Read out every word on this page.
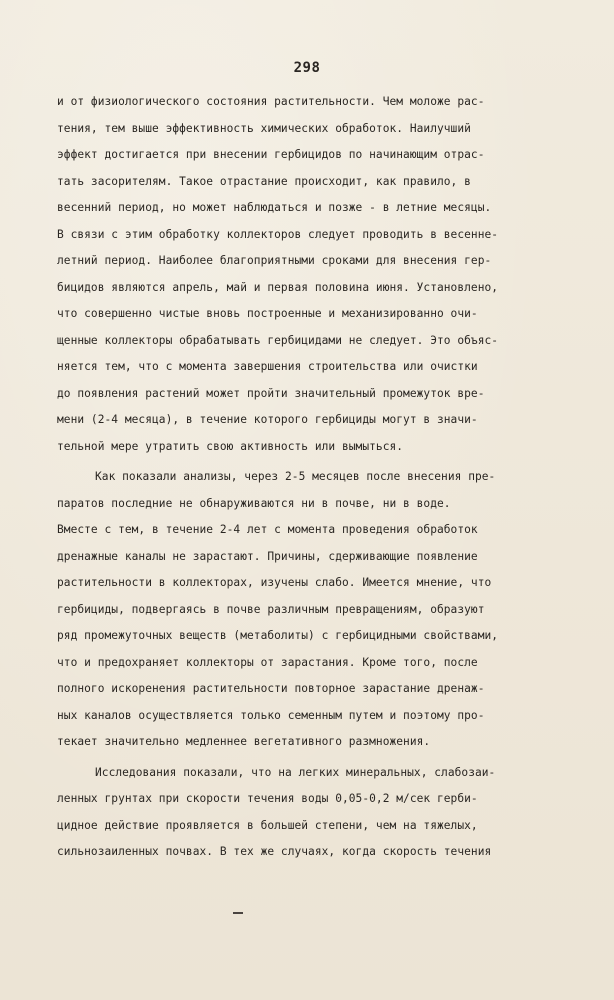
298
и от физиологического состояния растительности. Чем моложе рас-
тения, тем выше эффективность химических обработок. Наилучший
эффект достигается при внесении гербицидов по начинающим отрас-
тать засорителям. Такое отрастание происходит, как правило, в
весенний период, но может наблюдаться и позже - в летние месяцы.
В связи с этим обработку коллекторов следует проводить в весенне-
летний период. Наиболее благоприятными сроками для внесения гер-
бицидов являются апрель, май и первая половина июня. Установлено,
что совершенно чистые вновь построенные и механизированно очи-
щенные коллекторы обрабатывать гербицидами не следует. Это объяс-
няется тем, что с момента завершения строительства или очистки
до появления растений может пройти значительный промежуток вре-
мени (2-4 месяца), в течение которого гербициды могут в значи-
тельной мере утратить свою активность или вымыться.
Как показали анализы, через 2-5 месяцев после внесения пре-
паратов последние не обнаруживаются ни в почве, ни в воде.
Вместе с тем, в течение 2-4 лет с момента проведения обработок
дренажные каналы не зарастают. Причины, сдерживающие появление
растительности в коллекторах, изучены слабо. Имеется мнение, что
гербициды, подвергаясь в почве различным превращениям, образуют
ряд промежуточных веществ (метаболиты) с гербицидными свойствами,
что и предохраняет коллекторы от зарастания. Кроме того, после
полного искоренения растительности повторное зарастание дренаж-
ных каналов осуществляется только семенным путем и поэтому про-
текает значительно медленнее вегетативного размножения.
Исследования показали, что на легких минеральных, слабозаи-
ленных грунтах при скорости течения воды 0,05-0,2 м/сек герби-
цидное действие проявляется в большей степени, чем на тяжелых,
сильнозаиленных почвах. В тех же случаях, когда скорость течения
